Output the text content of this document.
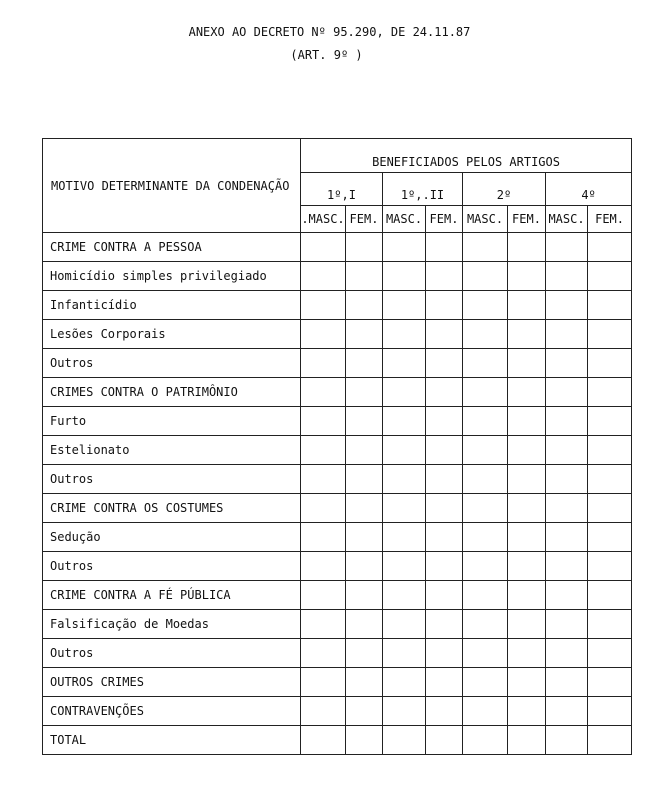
ANEXO AO DECRETO Nº 95.290, DE 24.11.87
(ART. 9º )
MOTIVO DETERMINANTE DA CONDENAÇÃO	BENEFICIADOS PELOS ARTIGOS							
	1º,I		1º,.II		2º		4º	
	.MASC.	FEM.	MASC.	FEM.	MASC.	FEM.	MASC.	FEM.
CRIME CONTRA A PESSOA								
Homicídio simples privilegiado								
Infanticídio								
Lesões Corporais								
Outros								
CRIMES CONTRA O PATRIMÔNIO								
Furto								
Estelionato								
Outros								
CRIME CONTRA OS COSTUMES								
Sedução								
Outros								
CRIME CONTRA A FÉ PÚBLICA								
Falsificação de Moedas								
Outros								
OUTROS CRIMES								
CONTRAVENÇÕES								
TOTAL								
